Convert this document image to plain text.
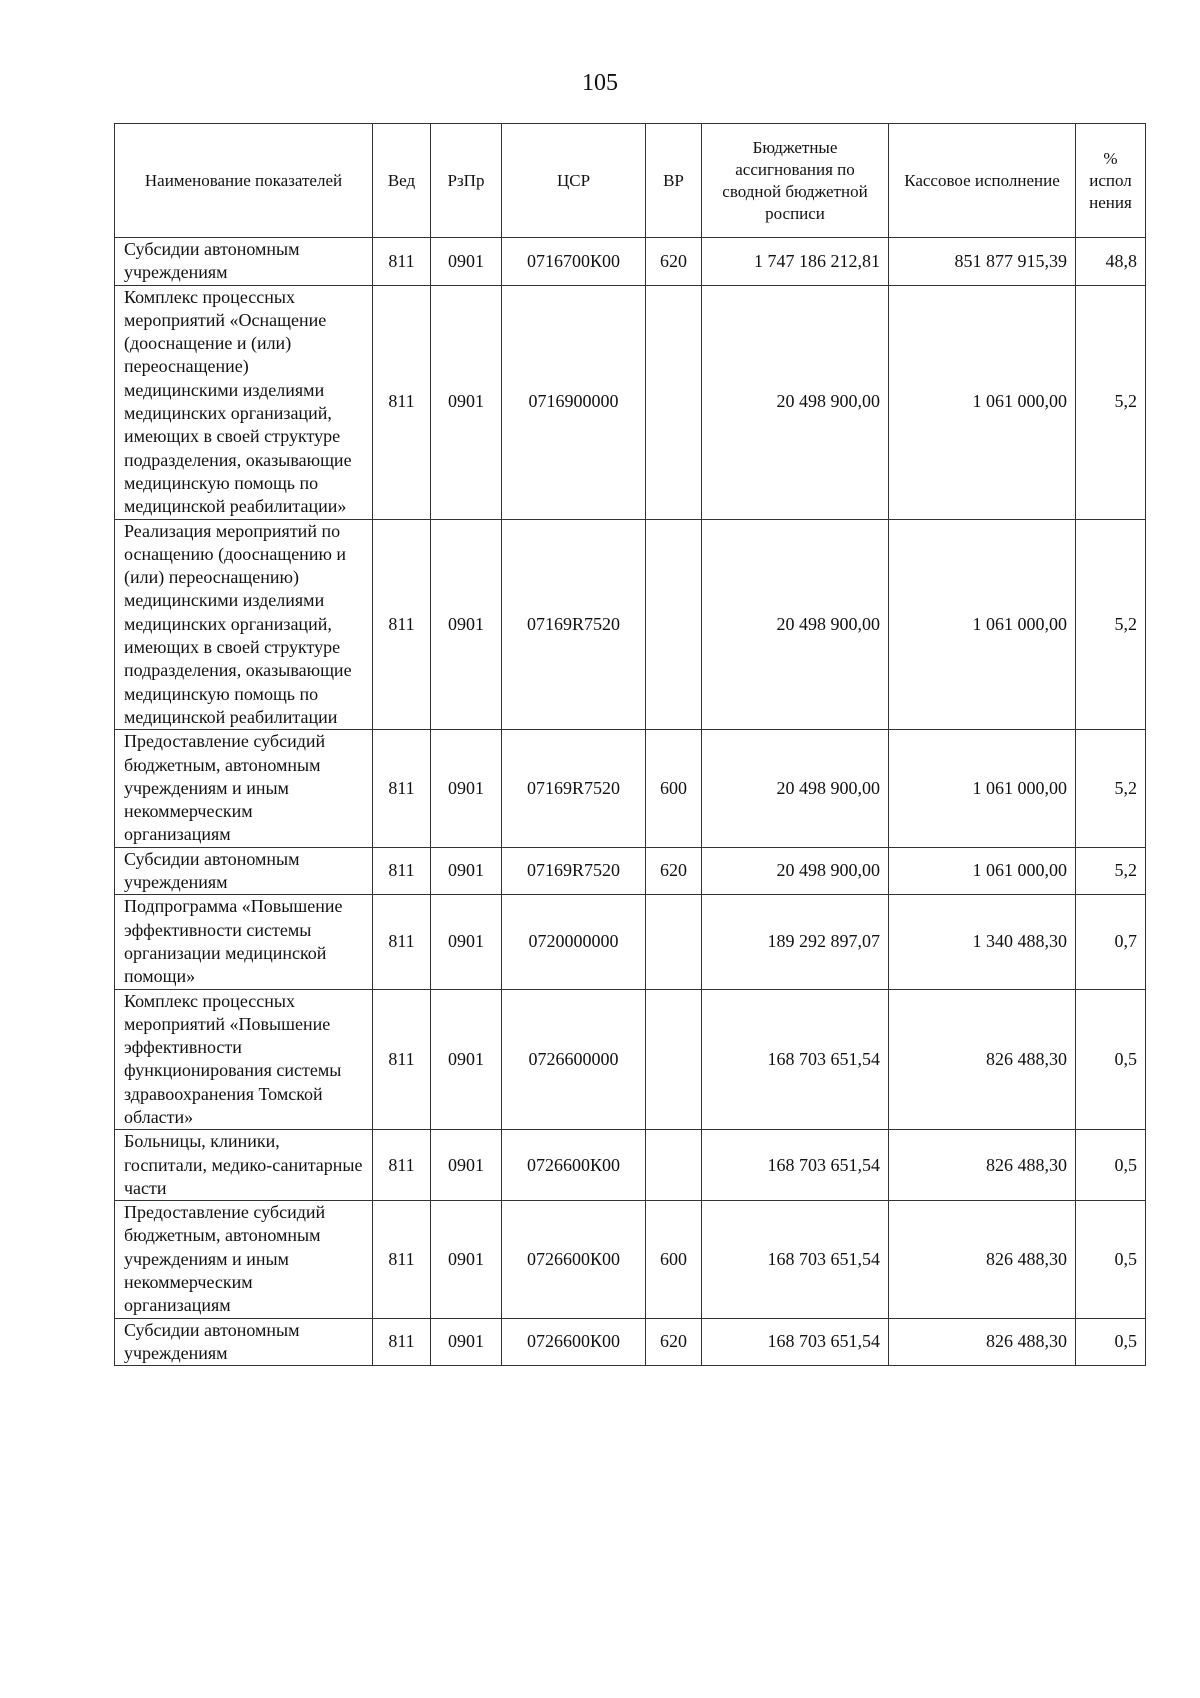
105
Наименование показателей	Вед	РзПр	ЦСР	ВР	Бюджетные ассигнования по сводной бюджетной росписи	Кассовое исполнение	% испол нения
Субсидии автономным учреждениям	811	0901	0716700К00	620	1 747 186 212,81	851 877 915,39	48,8
Комплекс процессных мероприятий «Оснащение (дооснащение и (или) переоснащение) медицинскими изделиями медицинских организаций, имеющих в своей структуре подразделения, оказывающие медицинскую помощь по медицинской реабилитации»	811	0901	0716900000		20 498 900,00	1 061 000,00	5,2
Реализация мероприятий по оснащению (дооснащению и (или) переоснащению) медицинскими изделиями медицинских организаций, имеющих в своей структуре подразделения, оказывающие медицинскую помощь по медицинской реабилитации	811	0901	07169R7520		20 498 900,00	1 061 000,00	5,2
Предоставление субсидий бюджетным, автономным учреждениям и иным некоммерческим организациям	811	0901	07169R7520	600	20 498 900,00	1 061 000,00	5,2
Субсидии автономным учреждениям	811	0901	07169R7520	620	20 498 900,00	1 061 000,00	5,2
Подпрограмма «Повышение эффективности системы организации медицинской помощи»	811	0901	0720000000		189 292 897,07	1 340 488,30	0,7
Комплекс процессных мероприятий «Повышение эффективности функционирования системы здравоохранения Томской области»	811	0901	0726600000		168 703 651,54	826 488,30	0,5
Больницы, клиники, госпитали, медико-санитарные части	811	0901	0726600К00		168 703 651,54	826 488,30	0,5
Предоставление субсидий бюджетным, автономным учреждениям и иным некоммерческим организациям	811	0901	0726600К00	600	168 703 651,54	826 488,30	0,5
Субсидии автономным учреждениям	811	0901	0726600К00	620	168 703 651,54	826 488,30	0,5
